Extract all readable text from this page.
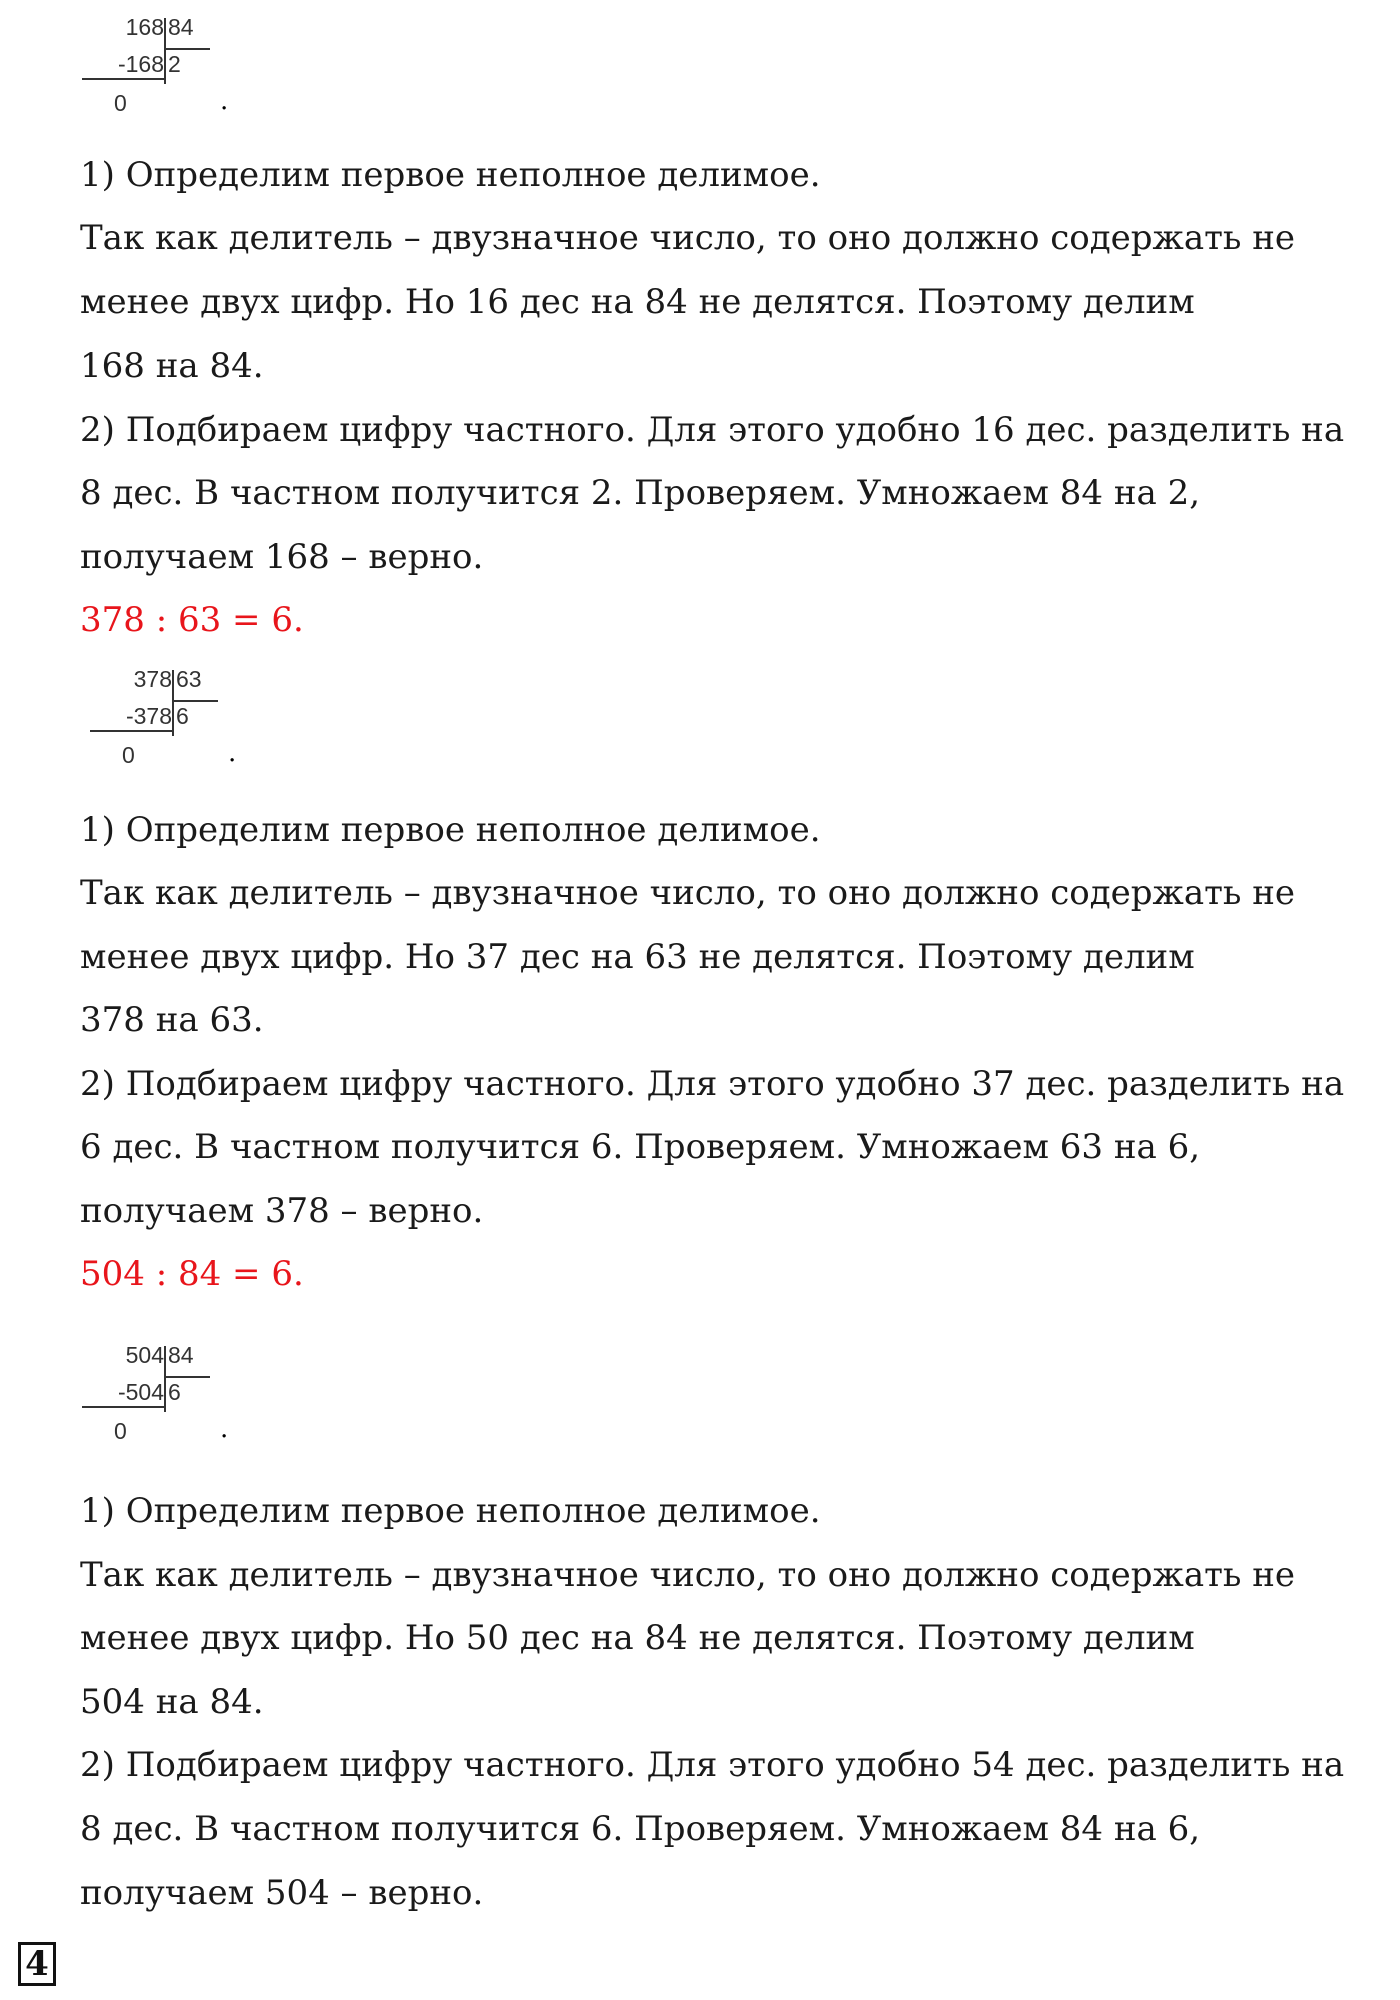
168 84
-168 2
0	.
1) Определим первое неполное делимое.
Так как делитель – двузначное число, то оно должно содержать не
менее двух цифр. Но 16 дес на 84 не делятся. Поэтому делим
168 на 84.
2) Подбираем цифру частного. Для этого удобно 16 дес. разделить на
8 дес. В частном получится 2. Проверяем. Умножаем 84 на 2,
получаем 168 – верно.
378 : 63 = 6.
378 63
-378 6
0	.
1) Определим первое неполное делимое.
Так как делитель – двузначное число, то оно должно содержать не
менее двух цифр. Но 37 дес на 63 не делятся. Поэтому делим
378 на 63.
2) Подбираем цифру частного. Для этого удобно 37 дес. разделить на
6 дес. В частном получится 6. Проверяем. Умножаем 63 на 6,
получаем 378 – верно.
504 : 84 = 6.
504 84
-504 6
0	.
1) Определим первое неполное делимое.
Так как делитель – двузначное число, то оно должно содержать не
менее двух цифр. Но 50 дес на 84 не делятся. Поэтому делим
504 на 84.
2) Подбираем цифру частного. Для этого удобно 54 дес. разделить на
8 дес. В частном получится 6. Проверяем. Умножаем 84 на 6,
получаем 504 – верно.
4
